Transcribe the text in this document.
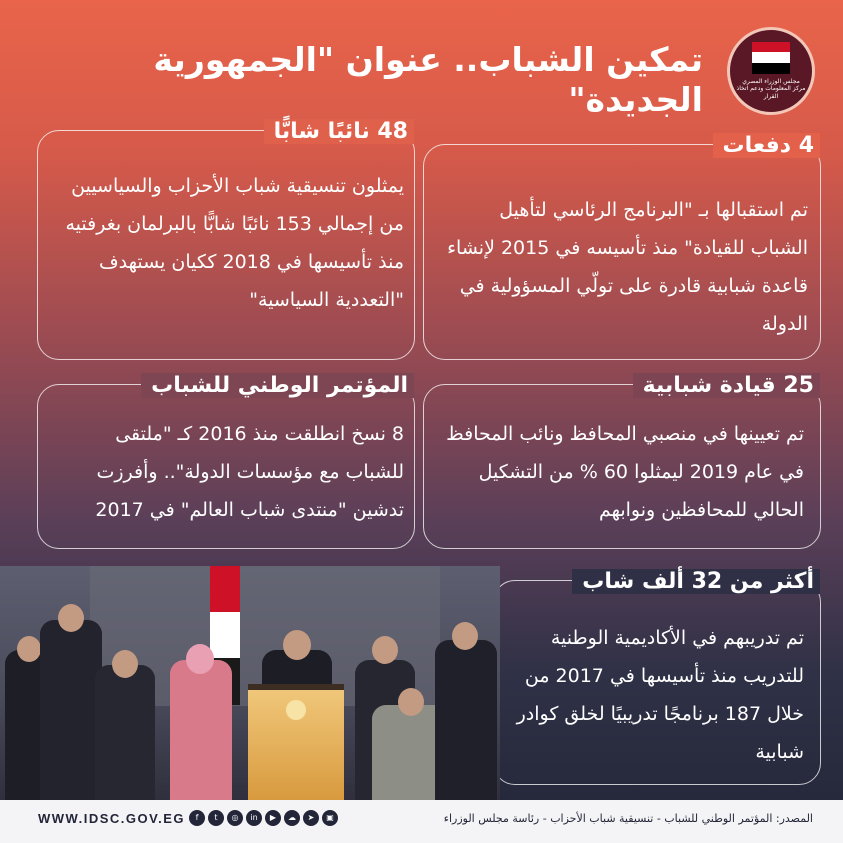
مجلس الوزراء المصري
مركز المعلومات ودعم اتخاذ القرار
تمكين الشباب.. عنوان "الجمهورية الجديدة"
4 دفعات

تم استقبالها بـ "البرنامج الرئاسي لتأهيل الشباب للقيادة" منذ تأسيسه في 2015 لإنشاء قاعدة شبابية قادرة على تولّي المسؤولية في الدولة

48 نائبًا شابًّا

يمثلون تنسيقية شباب الأحزاب والسياسيين من إجمالي 153 نائبًا شابًّا بالبرلمان بغرفتيه منذ تأسيسها في 2018 ككيان يستهدف "التعددية السياسية"

25 قيادة شبابية

تم تعيينها في منصبي المحافظ ونائب المحافظ في عام 2019 ليمثلوا 60 % من التشكيل الحالي للمحافظين ونوابهم

المؤتمر الوطني للشباب

8 نسخ انطلقت منذ 2016 كـ "ملتقى للشباب مع مؤسسات الدولة".. وأفرزت تدشين "منتدى شباب العالم" في 2017

أكثر من 32 ألف شاب

تم تدريبهم في الأكاديمية الوطنية للتدريب منذ تأسيسها في 2017 من خلال 187 برنامجًا تدريبيًا لخلق كوادر شبابية

WWW.IDSC.GOV.EG	f	t	◎	in	▶	☁	➤	▣	المصدر: المؤتمر الوطني للشباب - تنسيقية شباب الأحزاب - رئاسة مجلس الوزراء
